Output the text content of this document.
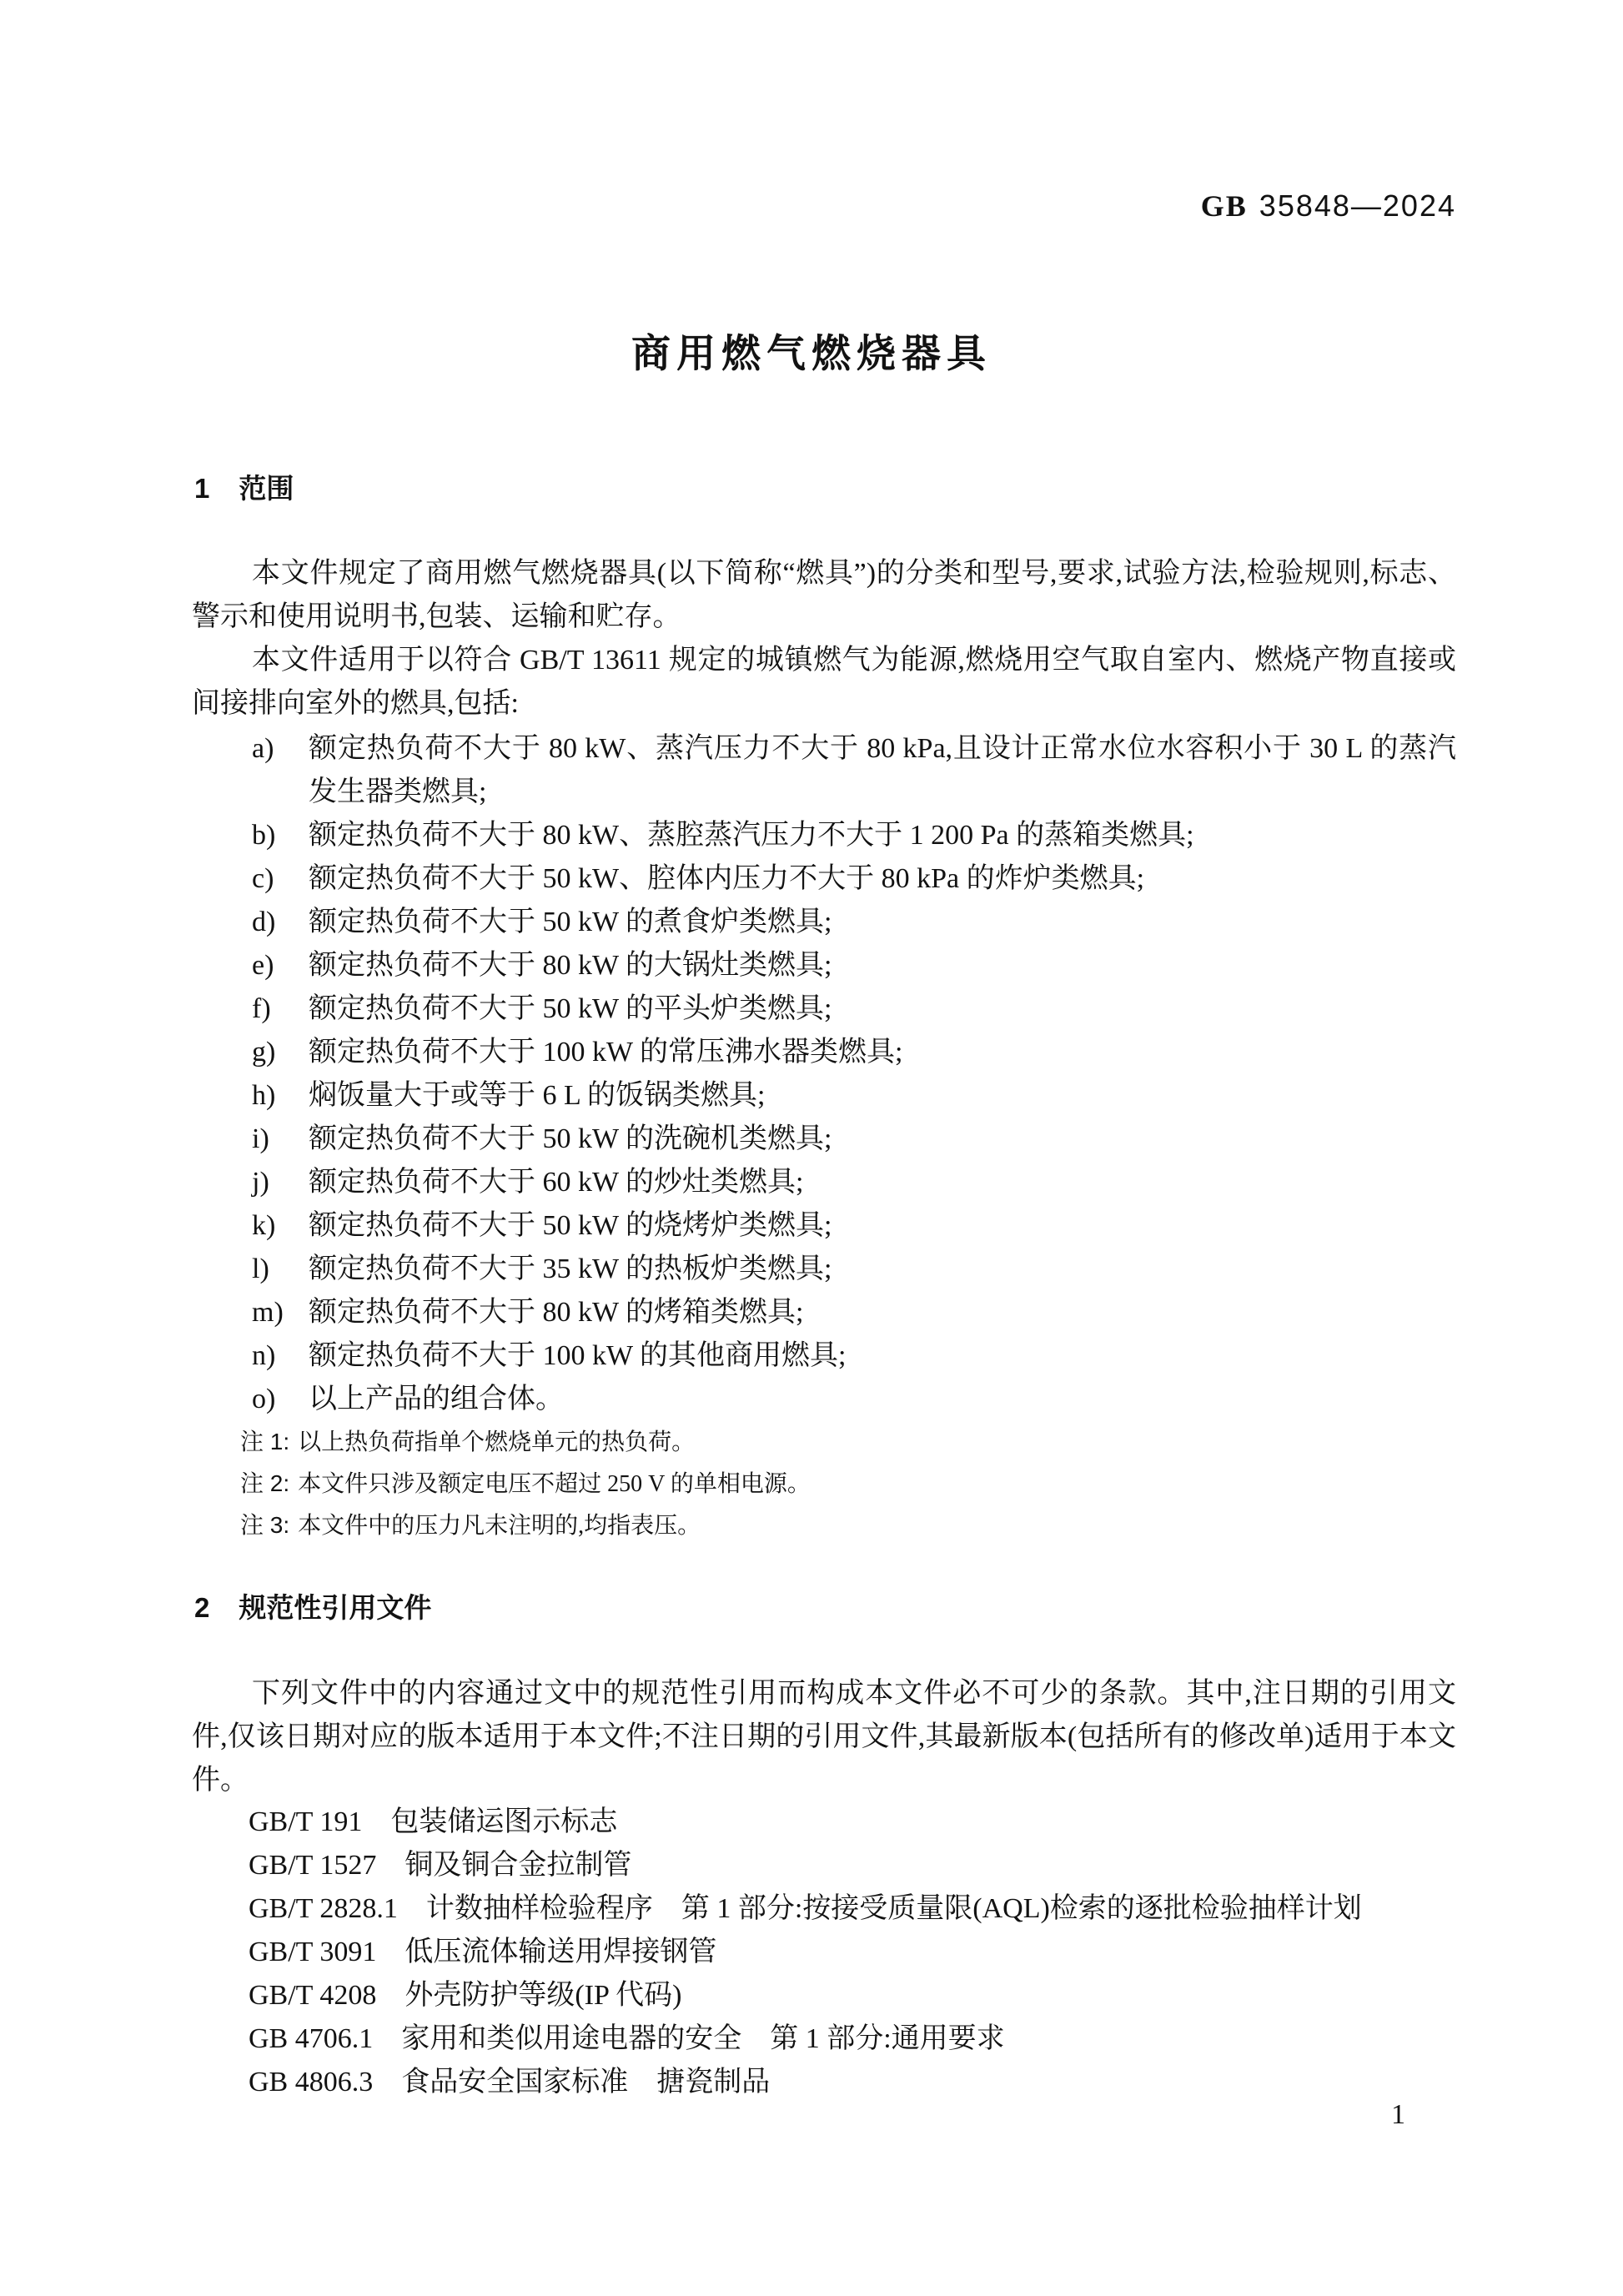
GB 35848—2024
商用燃气燃烧器具
1 范围

本文件规定了商用燃气燃烧器具(以下简称“燃具”)的分类和型号,要求,试验方法,检验规则,标志、警示和使用说明书,包装、运输和贮存。

本文件适用于以符合 GB/T 13611 规定的城镇燃气为能源,燃烧用空气取自室内、燃烧产物直接或间接排向室外的燃具,包括:

a) 额定热负荷不大于 80 kW、蒸汽压力不大于 80 kPa,且设计正常水位水容积小于 30 L 的蒸汽发生器类燃具;
b) 额定热负荷不大于 80 kW、蒸腔蒸汽压力不大于 1 200 Pa 的蒸箱类燃具;
c) 额定热负荷不大于 50 kW、腔体内压力不大于 80 kPa 的炸炉类燃具;
d) 额定热负荷不大于 50 kW 的煮食炉类燃具;
e) 额定热负荷不大于 80 kW 的大锅灶类燃具;
f) 额定热负荷不大于 50 kW 的平头炉类燃具;
g) 额定热负荷不大于 100 kW 的常压沸水器类燃具;
h) 焖饭量大于或等于 6 L 的饭锅类燃具;
i) 额定热负荷不大于 50 kW 的洗碗机类燃具;
j) 额定热负荷不大于 60 kW 的炒灶类燃具;
k) 额定热负荷不大于 50 kW 的烧烤炉类燃具;
l) 额定热负荷不大于 35 kW 的热板炉类燃具;
m) 额定热负荷不大于 80 kW 的烤箱类燃具;
n) 额定热负荷不大于 100 kW 的其他商用燃具;
o) 以上产品的组合体。

注 1: 以上热负荷指单个燃烧单元的热负荷。

注 2: 本文件只涉及额定电压不超过 250 V 的单相电源。

注 3: 本文件中的压力凡未注明的,均指表压。

2 规范性引用文件

下列文件中的内容通过文中的规范性引用而构成本文件必不可少的条款。其中,注日期的引用文件,仅该日期对应的版本适用于本文件;不注日期的引用文件,其最新版本(包括所有的修改单)适用于本文件。

GB/T 191 包装储运图示标志

GB/T 1527 铜及铜合金拉制管

GB/T 2828.1 计数抽样检验程序　第 1 部分:按接受质量限(AQL)检索的逐批检验抽样计划

GB/T 3091 低压流体输送用焊接钢管

GB/T 4208 外壳防护等级(IP 代码)

GB 4706.1 家用和类似用途电器的安全　第 1 部分:通用要求

GB 4806.3 食品安全国家标准　搪瓷制品

1
